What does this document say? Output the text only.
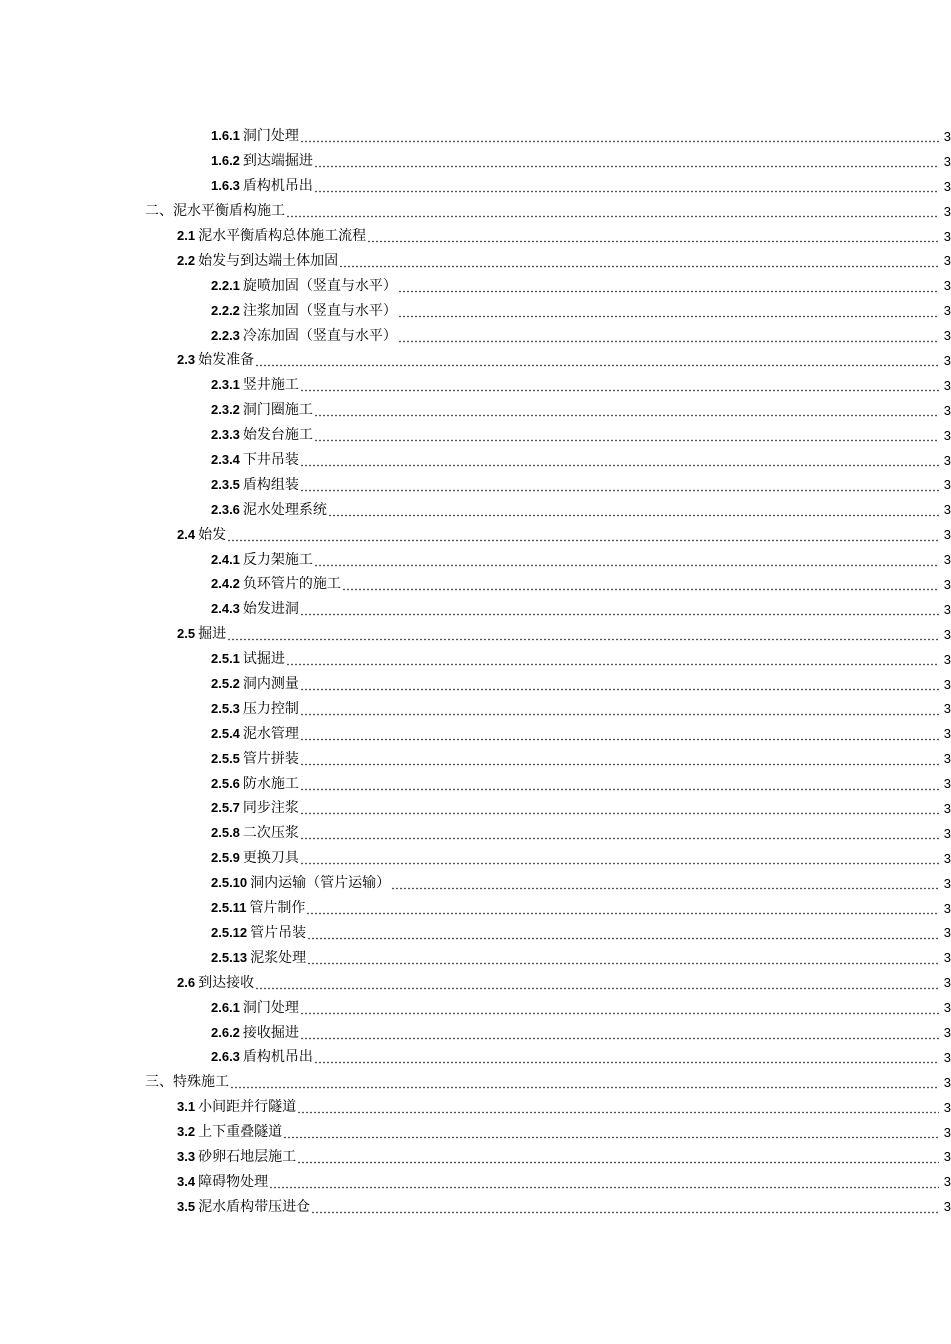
1.6.1 洞门处理	3
1.6.2 到达端掘进	3
1.6.3 盾构机吊出	3
二、泥水平衡盾构施工	3
2.1 泥水平衡盾构总体施工流程	3
2.2 始发与到达端土体加固	3
2.2.1 旋喷加固（竖直与水平）	3
2.2.2 注浆加固（竖直与水平）	3
2.2.3 冷冻加固（竖直与水平）	3
2.3 始发准备	3
2.3.1 竖井施工	3
2.3.2 洞门圈施工	3
2.3.3 始发台施工	3
2.3.4 下井吊装	3
2.3.5 盾构组装	3
2.3.6 泥水处理系统	3
2.4 始发	3
2.4.1 反力架施工	3
2.4.2 负环管片的施工	3
2.4.3 始发进洞	3
2.5 掘进	3
2.5.1 试掘进	3
2.5.2 洞内测量	3
2.5.3 压力控制	3
2.5.4 泥水管理	3
2.5.5 管片拼装	3
2.5.6 防水施工	3
2.5.7 同步注浆	3
2.5.8 二次压浆	3
2.5.9 更换刀具	3
2.5.10 洞内运输（管片运输）	3
2.5.11 管片制作	3
2.5.12 管片吊装	3
2.5.13 泥浆处理	3
2.6 到达接收	3
2.6.1 洞门处理	3
2.6.2 接收掘进	3
2.6.3 盾构机吊出	3
三、特殊施工	3
3.1 小间距并行隧道	3
3.2 上下重叠隧道	3
3.3 砂卵石地层施工	3
3.4 障碍物处理	3
3.5 泥水盾构带压进仓	3
